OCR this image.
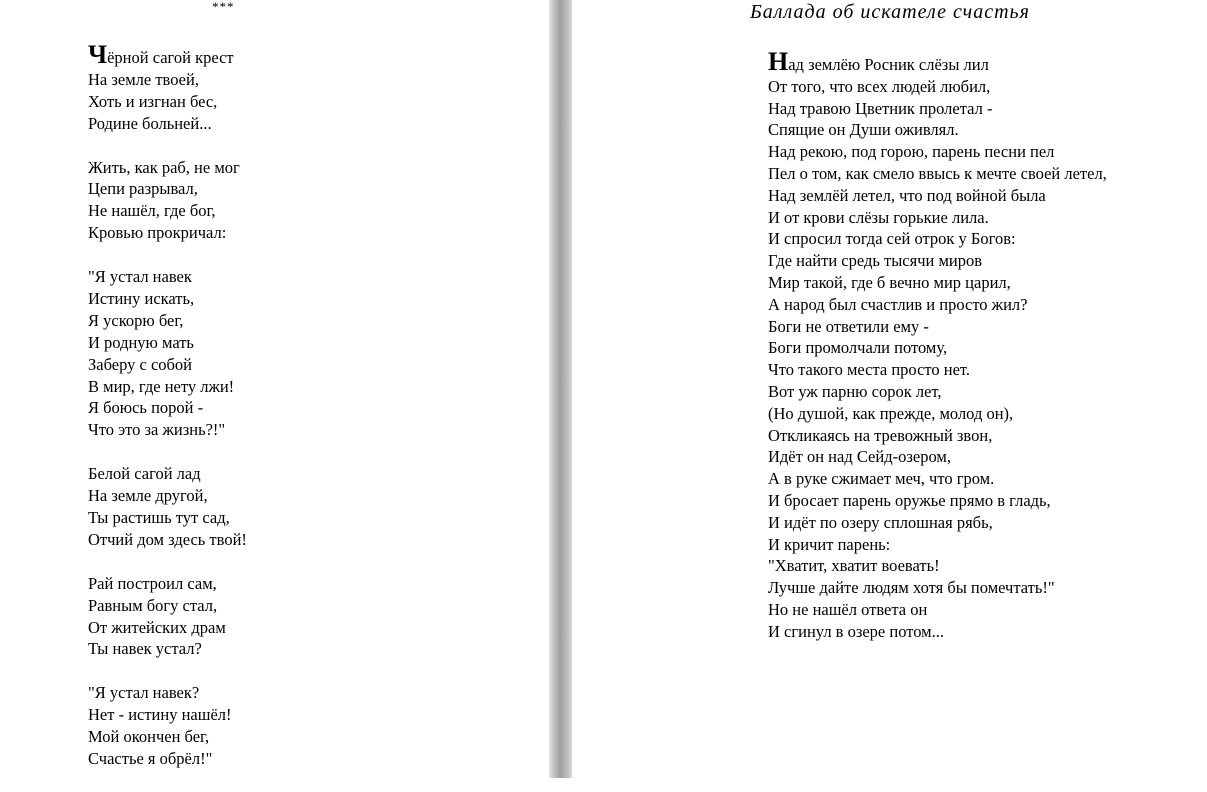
***
Чёрной сагой крест
На земле твоей,
Хоть и изгнан бес,
Родине больней...
Жить, как раб, не мог
Цепи разрывал,
Не нашёл, где бог,
Кровью прокричал:
"Я устал навек
Истину искать,
Я ускорю бег,
И родную мать
Заберу с собой
В мир, где нету лжи!
Я боюсь порой -
Что это за жизнь?!"
Белой сагой лад
На земле другой,
Ты растишь тут сад,
Отчий дом здесь твой!
Рай построил сам,
Равным богу стал,
От житейских драм
Ты навек устал?
"Я устал навек?
Нет - истину нашёл!
Мой окончен бег,
Счастье я обрёл!"
Баллада об искателе счастья
Над землёю Росник слёзы лил
От того, что всех людей любил,
Над травою Цветник пролетал -
Спящие он Души оживлял.
Над рекою, под горою, парень песни пел
Пел о том, как смело ввысь к мечте своей летел,
Над землёй летел, что под войной была
И от крови слёзы горькие лила.
И спросил тогда сей отрок у Богов:
Где найти средь тысячи миров
Мир такой, где б вечно мир царил,
А народ был счастлив и просто жил?
Боги не ответили ему -
Боги промолчали потому,
Что такого места просто нет.
Вот уж парню сорок лет,
(Но душой, как прежде, молод он),
Откликаясь на тревожный звон,
Идёт он над Сейд-озером,
А в руке сжимает меч, что гром.
И бросает парень оружье прямо в гладь,
И идёт по озеру сплошная рябь,
И кричит парень:
"Хватит, хватит воевать!
Лучше дайте людям хотя бы помечтать!"
Но не нашёл ответа он
И сгинул в озере потом...
